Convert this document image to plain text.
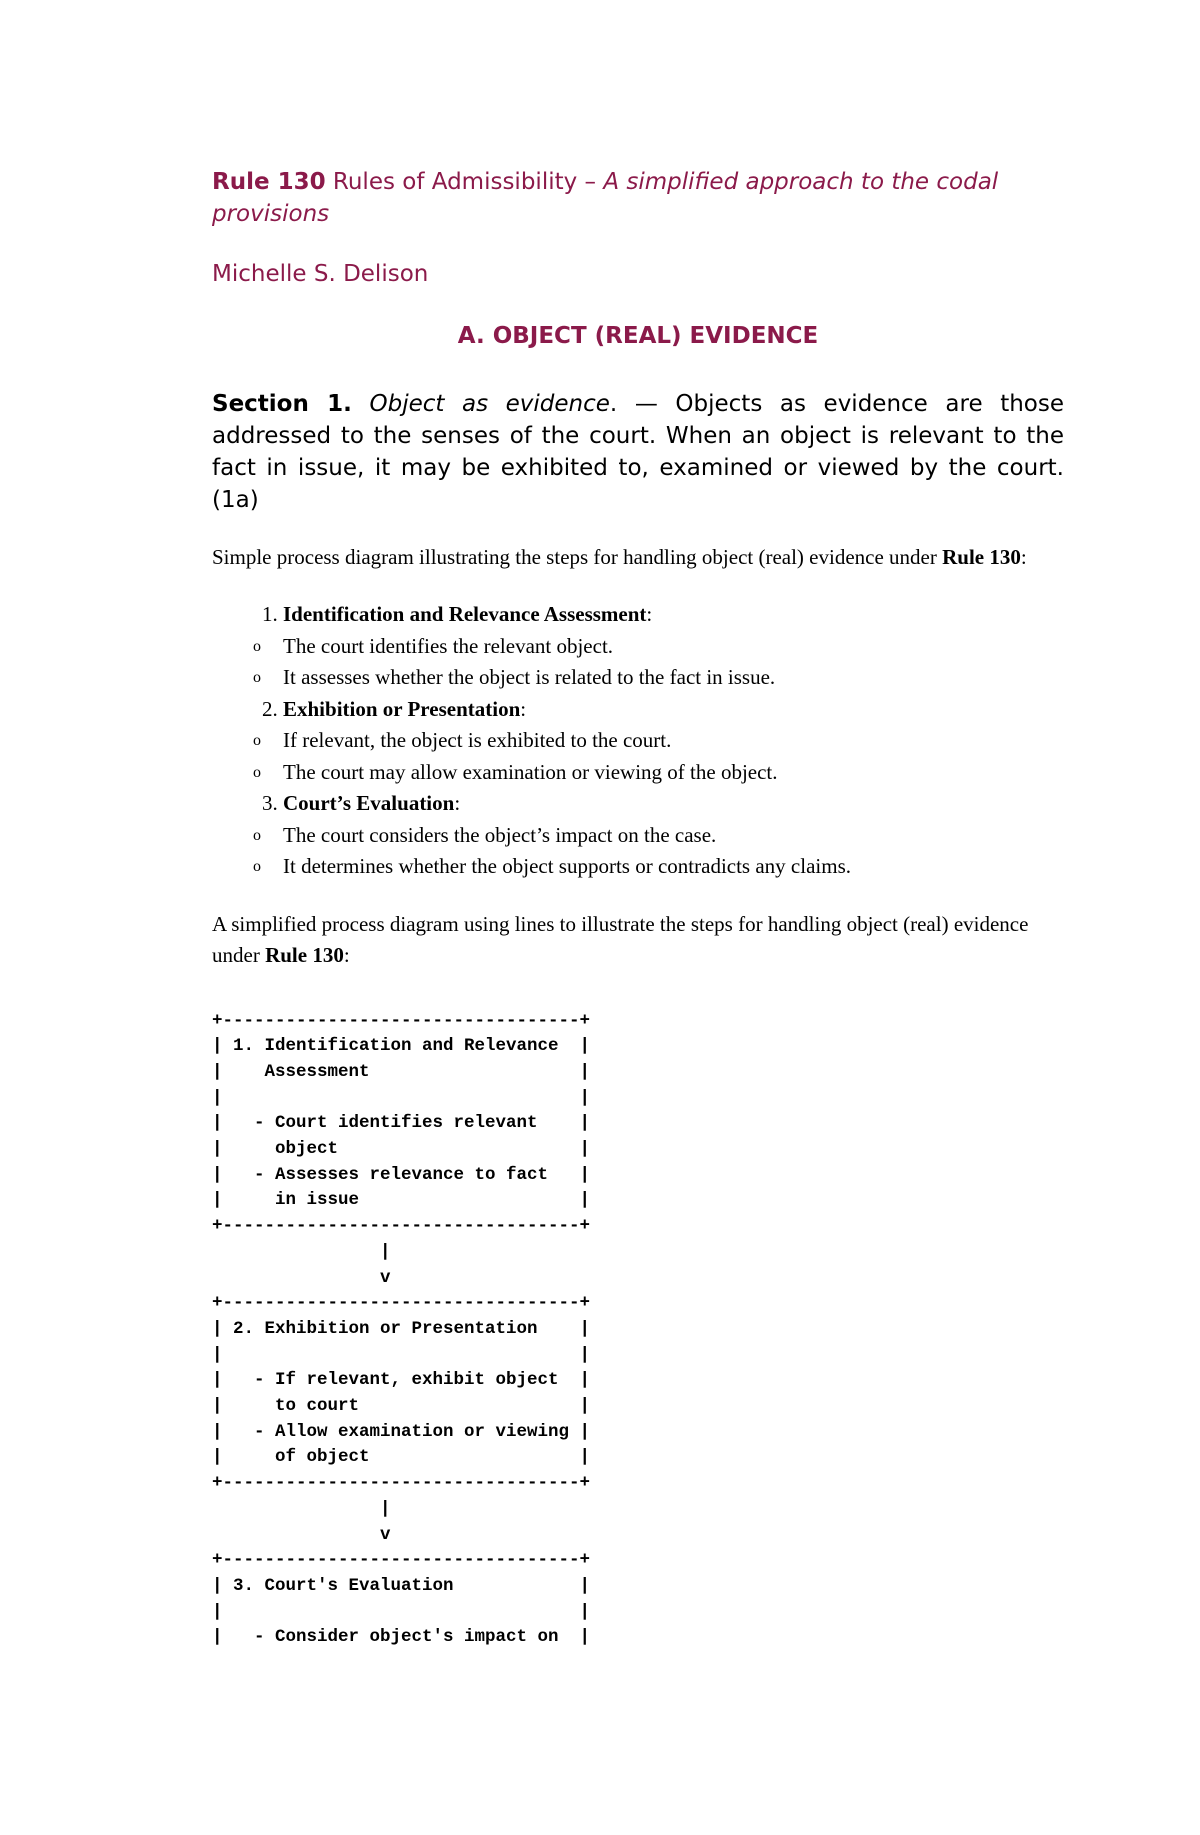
Rule 130 Rules of Admissibility – A simplified approach to the codal provisions

Michelle S. Delison

A. OBJECT (REAL) EVIDENCE

Section 1. Object as evidence. — Objects as evidence are those addressed to the senses of the court. When an object is relevant to the fact in issue, it may be exhibited to, examined or viewed by the court. (1a)

Simple process diagram illustrating the steps for handling object (real) evidence under Rule 130:

1. Identification and Relevance Assessment:
o The court identifies the relevant object.
o It assesses whether the object is related to the fact in issue.
2. Exhibition or Presentation:
o If relevant, the object is exhibited to the court.
o The court may allow examination or viewing of the object.
3. Court’s Evaluation:
o The court considers the object’s impact on the case.
o It determines whether the object supports or contradicts any claims.

A simplified process diagram using lines to illustrate the steps for handling object (real) evidence under Rule 130:

+----------------------------------+
| 1. Identification and Relevance  |
|    Assessment                    |
|                                  |
|   - Court identifies relevant    |
|     object                       |
|   - Assesses relevance to fact   |
|     in issue                     |
+----------------------------------+
|
v
+----------------------------------+
| 2. Exhibition or Presentation    |
|                                  |
|   - If relevant, exhibit object  |
|     to court                     |
|   - Allow examination or viewing |
|     of object                    |
+----------------------------------+
|
v
+----------------------------------+
| 3. Court's Evaluation            |
|                                  |
|   - Consider object's impact on  |
